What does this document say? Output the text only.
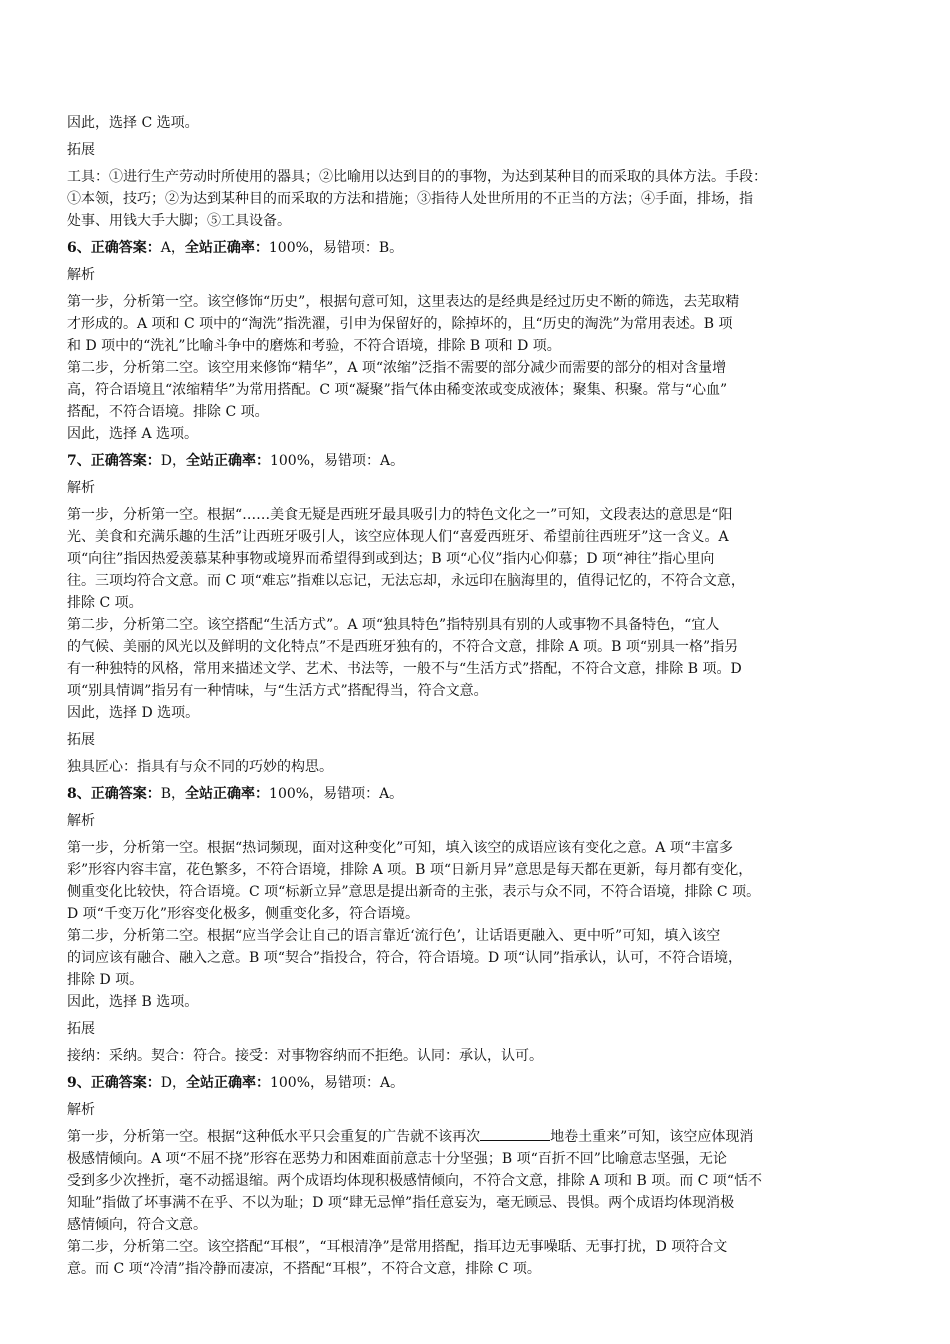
因此，选择 C 选项。

拓展

工具：①进行生产劳动时所使用的器具；②比喻用以达到目的的事物，为达到某种目的而采取的具体方法。手段：

①本领，技巧；②为达到某种目的而采取的方法和措施；③指待人处世所用的不正当的方法；④手面，排场，指

处事、用钱大手大脚；⑤工具设备。

6、正确答案：A，全站正确率：100%，易错项：B。

解析

第一步，分析第一空。该空修饰“历史”，根据句意可知，这里表达的是经典是经过历史不断的筛选，去芜取精

才形成的。A 项和 C 项中的“淘洗”指洗濯，引申为保留好的，除掉坏的，且“历史的淘洗”为常用表述。B 项

和 D 项中的“洗礼”比喻斗争中的磨炼和考验，不符合语境，排除 B 项和 D 项。

第二步，分析第二空。该空用来修饰“精华”，A 项“浓缩”泛指不需要的部分减少而需要的部分的相对含量增

高，符合语境且“浓缩精华”为常用搭配。C 项“凝聚”指气体由稀变浓或变成液体；聚集、积聚。常与“心血”

搭配，不符合语境。排除 C 项。

因此，选择 A 选项。

7、正确答案：D，全站正确率：100%，易错项：A。

解析

第一步，分析第一空。根据“……美食无疑是西班牙最具吸引力的特色文化之一”可知，文段表达的意思是“阳

光、美食和充满乐趣的生活”让西班牙吸引人，该空应体现人们“喜爱西班牙、希望前往西班牙”这一含义。A

项“向往”指因热爱羡慕某种事物或境界而希望得到或到达；B 项“心仪”指内心仰慕；D 项“神往”指心里向

往。三项均符合文意。而 C 项“难忘”指难以忘记，无法忘却，永远印在脑海里的，值得记忆的，不符合文意，

排除 C 项。

第二步，分析第二空。该空搭配“生活方式”。A 项“独具特色”指特别具有别的人或事物不具备特色，“宜人

的气候、美丽的风光以及鲜明的文化特点”不是西班牙独有的，不符合文意，排除 A 项。B 项“别具一格”指另

有一种独特的风格，常用来描述文学、艺术、书法等，一般不与“生活方式”搭配，不符合文意，排除 B 项。D

项“别具情调”指另有一种情味，与“生活方式”搭配得当，符合文意。

因此，选择 D 选项。

拓展

独具匠心：指具有与众不同的巧妙的构思。

8、正确答案：B，全站正确率：100%，易错项：A。

解析

第一步，分析第一空。根据“热词频现，面对这种变化”可知，填入该空的成语应该有变化之意。A 项“丰富多

彩”形容内容丰富，花色繁多，不符合语境，排除 A 项。B 项“日新月异”意思是每天都在更新，每月都有变化，

侧重变化比较快，符合语境。C 项“标新立异”意思是提出新奇的主张，表示与众不同，不符合语境，排除 C 项。

D 项“千变万化”形容变化极多，侧重变化多，符合语境。

第二步，分析第二空。根据“应当学会让自己的语言靠近‘流行色’，让话语更融入、更中听”可知，填入该空

的词应该有融合、融入之意。B 项“契合”指投合，符合，符合语境。D 项“认同”指承认，认可，不符合语境，

排除 D 项。

因此，选择 B 选项。

拓展

接纳：采纳。契合：符合。接受：对事物容纳而不拒绝。认同：承认，认可。

9、正确答案：D，全站正确率：100%，易错项：A。

解析

第一步，分析第一空。根据“这种低水平只会重复的广告就不该再次	地卷土重来”可知，该空应体现消

极感情倾向。A 项“不屈不挠”形容在恶势力和困难面前意志十分坚强；B 项“百折不回”比喻意志坚强，无论

受到多少次挫折，毫不动摇退缩。两个成语均体现积极感情倾向，不符合文意，排除 A 项和 B 项。而 C 项“恬不

知耻”指做了坏事满不在乎、不以为耻；D 项“肆无忌惮”指任意妄为，毫无顾忌、畏惧。两个成语均体现消极

感情倾向，符合文意。

第二步，分析第二空。该空搭配“耳根”，“耳根清净”是常用搭配，指耳边无事噪聒、无事打扰，D 项符合文

意。而 C 项“冷清”指冷静而凄凉，不搭配“耳根”，不符合文意，排除 C 项。
